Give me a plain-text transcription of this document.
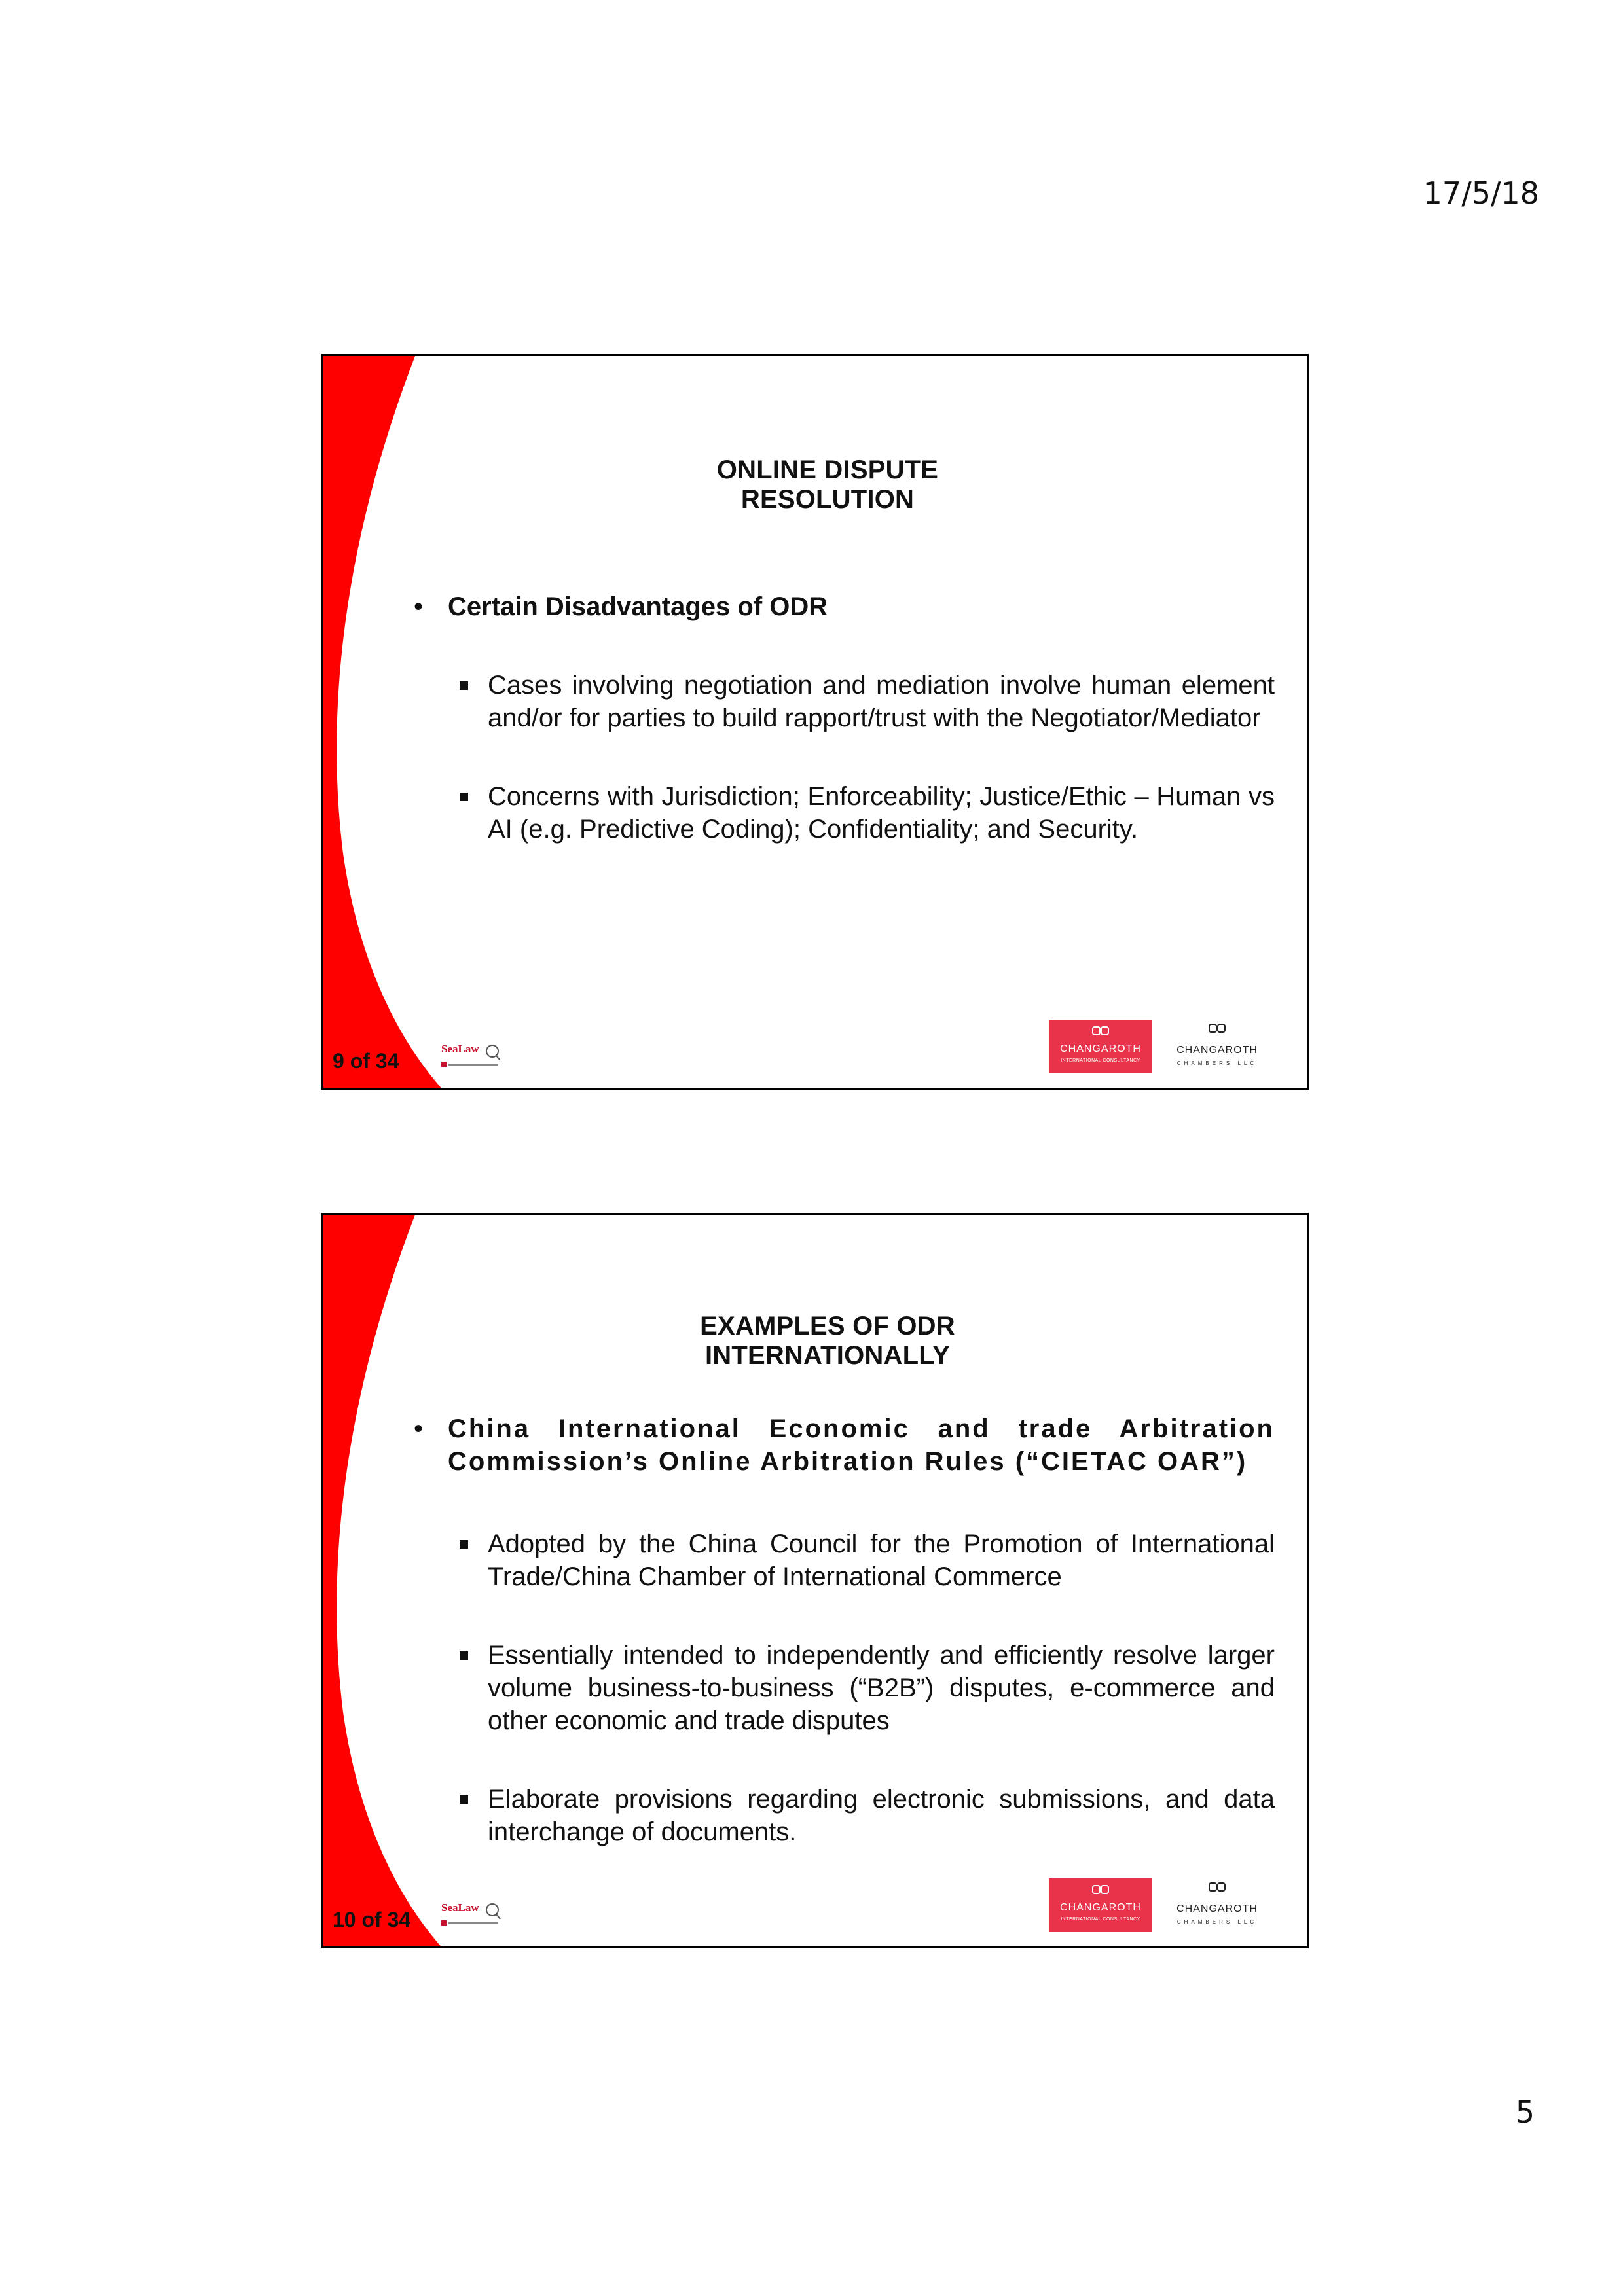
17/5/18
ONLINE DISPUTE RESOLUTION
• Certain Disadvantages of ODR
Cases involving negotiation and mediation involve human element and/or for parties to build rapport/trust with the Negotiator/Mediator
Concerns with Jurisdiction; Enforceability; Justice/Ethic – Human vs AI (e.g. Predictive Coding); Confidentiality; and Security.
9 of 34
SeaLaw	CHANGAROTH
INTERNATIONAL CONSULTANCY
CHANGAROTH
CHAMBERS LLC
EXAMPLES OF ODR INTERNATIONALLY
• China International Economic and trade Arbitration Commission’s Online Arbitration Rules (“CIETAC OAR”)
Adopted by the China Council for the Promotion of International Trade/China Chamber of International Commerce
Essentially intended to independently and efficiently resolve larger volume business-to-business (“B2B”) disputes, e-commerce and other economic and trade disputes
Elaborate provisions regarding electronic submissions, and data interchange of documents.
10 of 34
SeaLaw	CHANGAROTH
INTERNATIONAL CONSULTANCY
CHANGAROTH
CHAMBERS LLC
5
